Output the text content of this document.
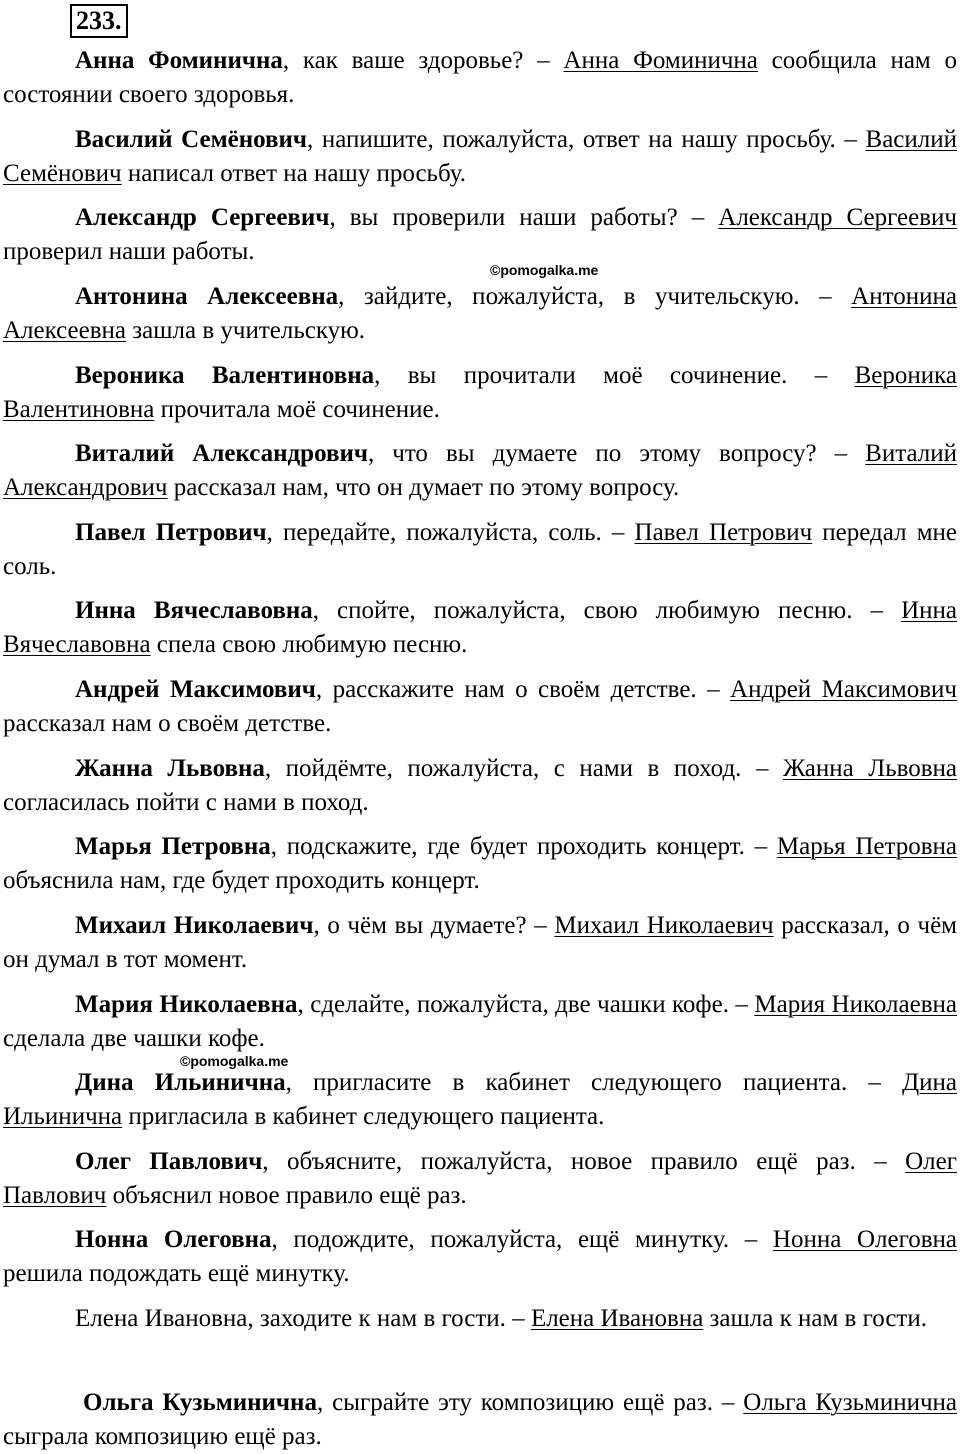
233.
Анна Фоминична, как ваше здоровье? – Анна Фоминична сообщила нам о состоянии своего здоровья.
Василий Семёнович, напишите, пожалуйста, ответ на нашу просьбу. – Василий Семёнович написал ответ на нашу просьбу.
Александр Сергеевич, вы проверили наши работы? – Александр Сергеевич проверил наши работы.
Антонина Алексеевна, зайдите, пожалуйста, в учительскую. – Антонина Алексеевна зашла в учительскую.
Вероника Валентиновна, вы прочитали моё сочинение. – Вероника Валентиновна прочитала моё сочинение.
Виталий Александрович, что вы думаете по этому вопросу? – Виталий Александрович рассказал нам, что он думает по этому вопросу.
Павел Петрович, передайте, пожалуйста, соль. – Павел Петрович передал мне соль.
Инна Вячеславовна, спойте, пожалуйста, свою любимую песню. – Инна Вячеславовна спела свою любимую песню.
Андрей Максимович, расскажите нам о своём детстве. – Андрей Максимович рассказал нам о своём детстве.
Жанна Львовна, пойдёмте, пожалуйста, с нами в поход. – Жанна Львовна согласилась пойти с нами в поход.
Марья Петровна, подскажите, где будет проходить концерт. – Марья Петровна объяснила нам, где будет проходить концерт.
Михаил Николаевич, о чём вы думаете? – Михаил Николаевич рассказал, о чём он думал в тот момент.
Мария Николаевна, сделайте, пожалуйста, две чашки кофе. – Мария Николаевна сделала две чашки кофе.
Дина Ильинична, пригласите в кабинет следующего пациента. – Дина Ильинична пригласила в кабинет следующего пациента.
Олег Павлович, объясните, пожалуйста, новое правило ещё раз. – Олег Павлович объяснил новое правило ещё раз.
Нонна Олеговна, подождите, пожалуйста, ещё минутку. – Нонна Олеговна решила подождать ещё минутку.
Елена Ивановна, заходите к нам в гости. – Елена Ивановна зашла к нам в гости.
Ольга Кузьминична, сыграйте эту композицию ещё раз. – Ольга Кузьминична сыграла композицию ещё раз.
©pomogalka.me
©pomogalka.me
